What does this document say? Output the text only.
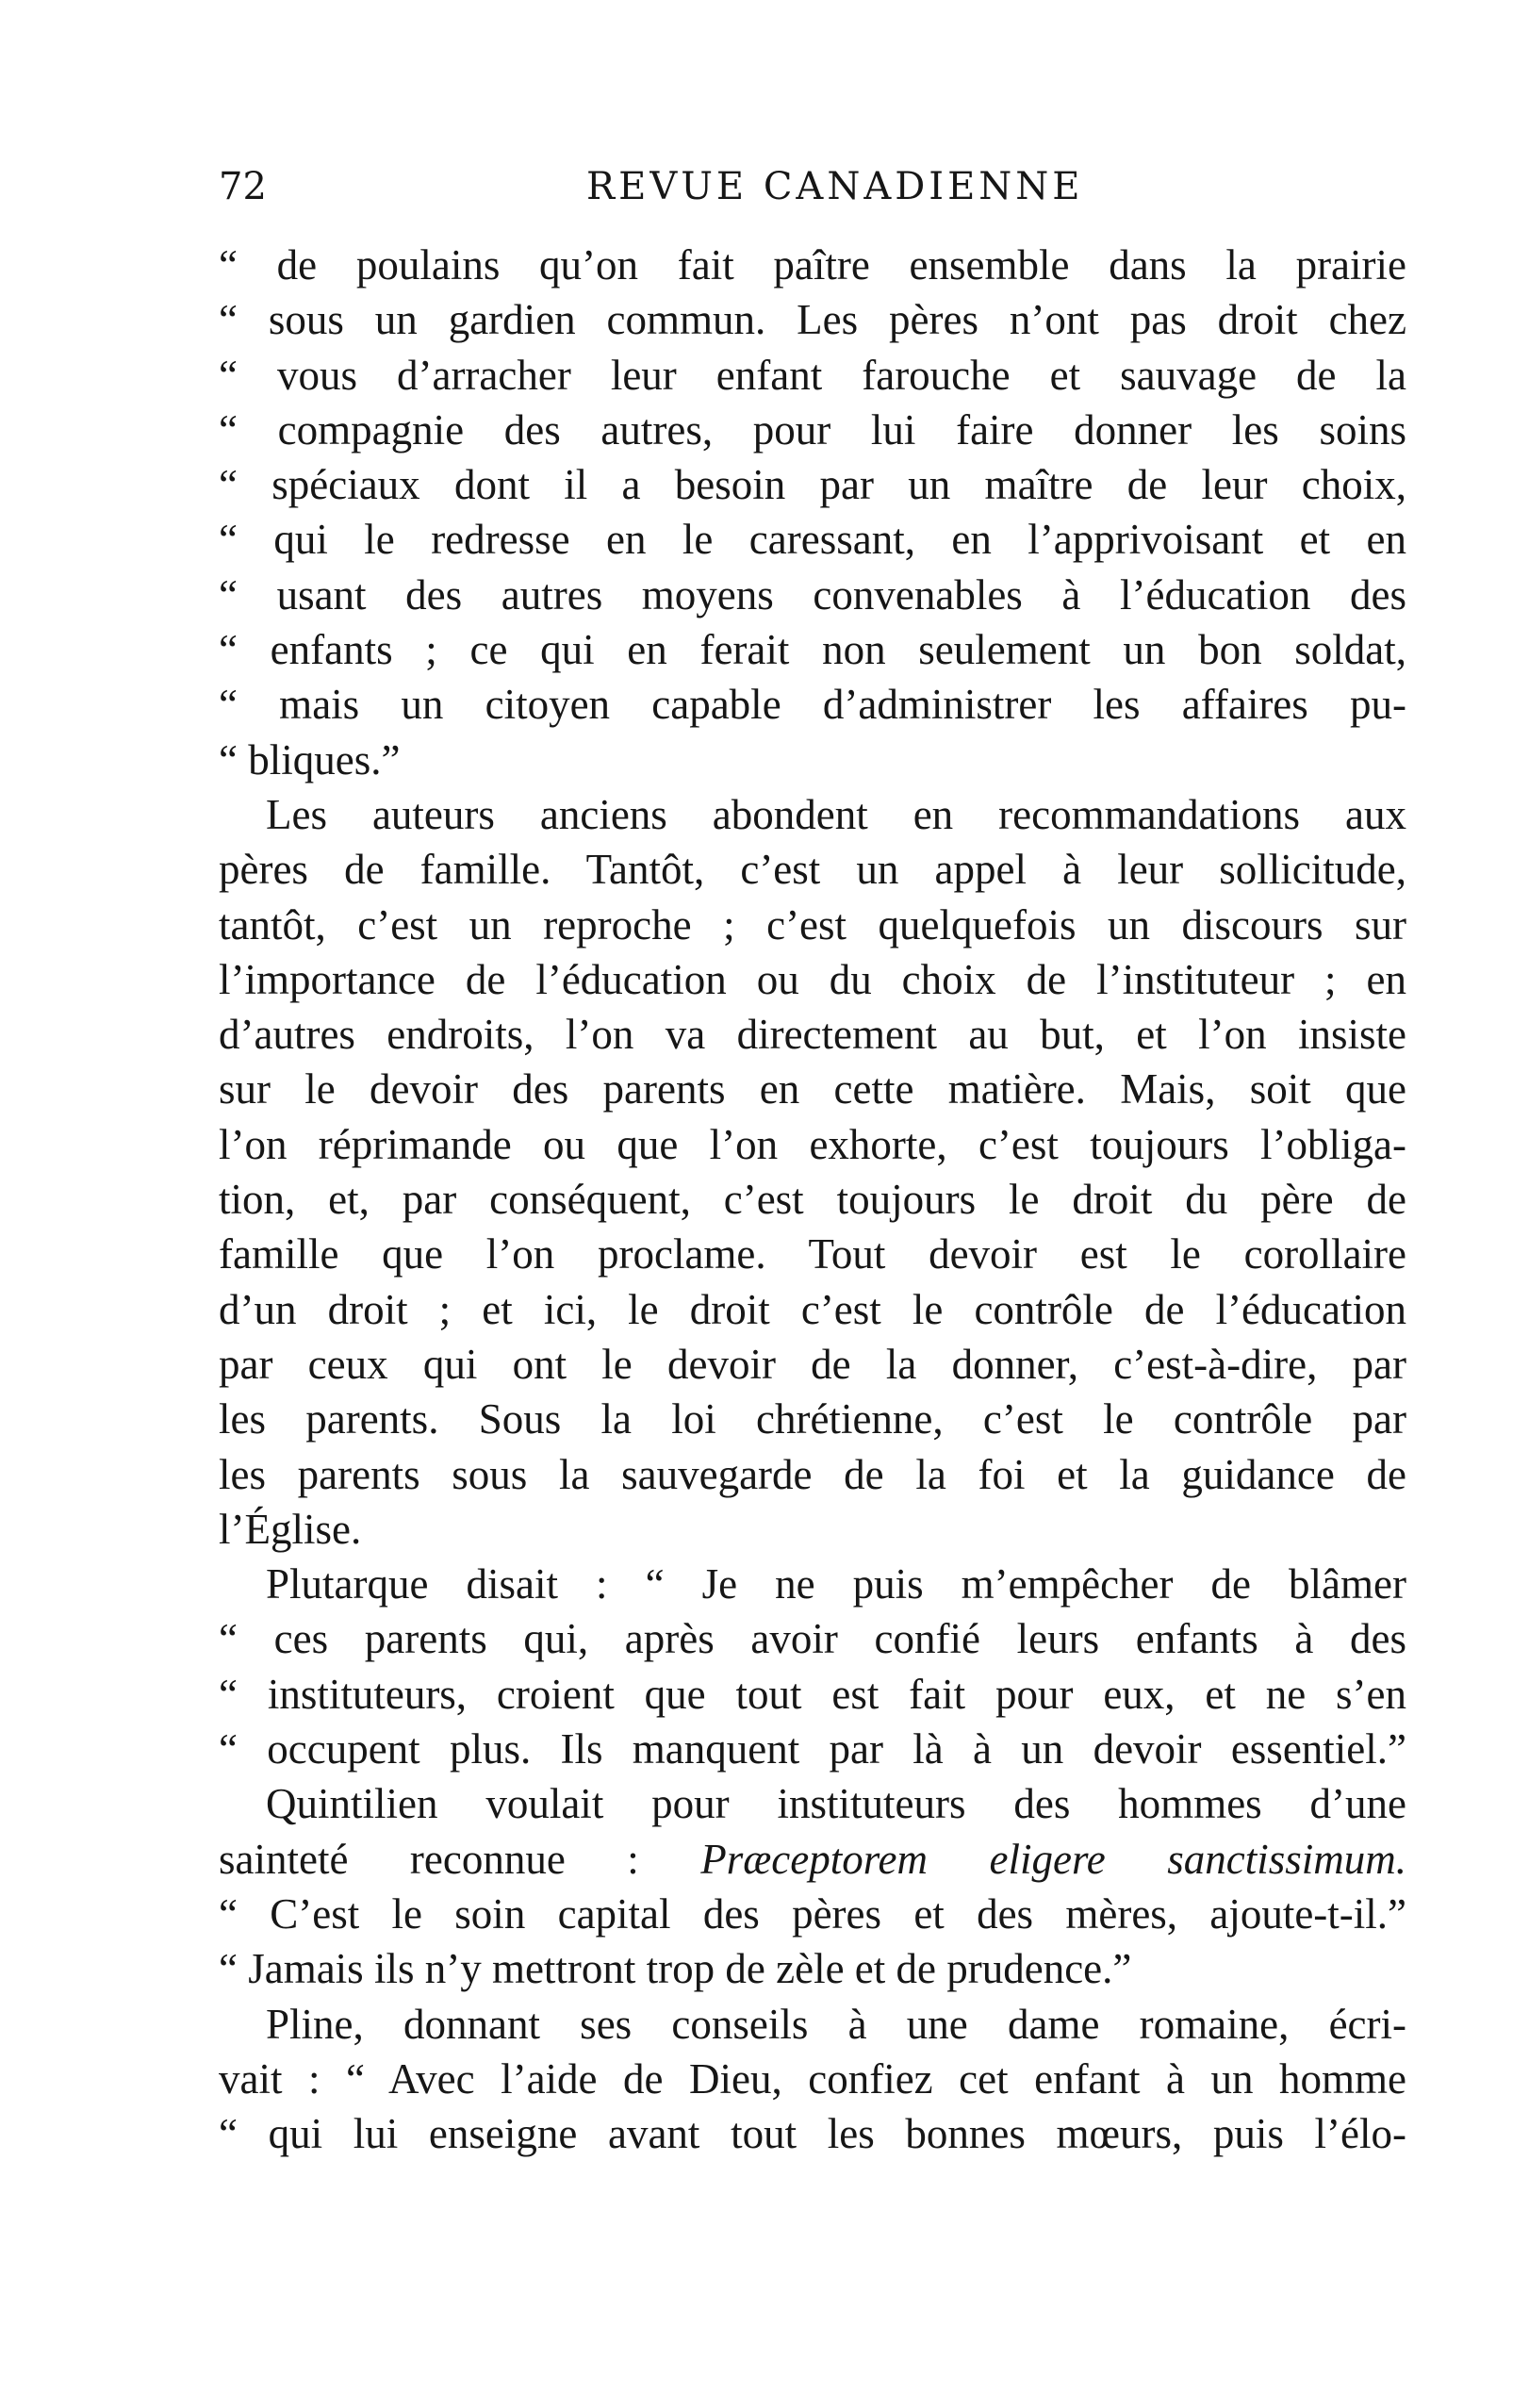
72	REVUE CANADIENNE
“ de poulains qu’on fait paître ensemble dans la prairie
“ sous un gardien commun. Les pères n’ont pas droit chez
“ vous d’arracher leur enfant farouche et sauvage de la
“ compagnie des autres, pour lui faire donner les soins
“ spéciaux dont il a besoin par un maître de leur choix,
“ qui le redresse en le caressant, en l’apprivoisant et en
“ usant des autres moyens convenables à l’éducation des
“ enfants ; ce qui en ferait non seulement un bon soldat,
“ mais un citoyen capable d’administrer les affaires pu-
“ bliques.”
Les auteurs anciens abondent en recommandations aux
pères de famille. Tantôt, c’est un appel à leur sollicitude,
tantôt, c’est un reproche ; c’est quelquefois un discours sur
l’importance de l’éducation ou du choix de l’instituteur ; en
d’autres endroits, l’on va directement au but, et l’on insiste
sur le devoir des parents en cette matière. Mais, soit que
l’on réprimande ou que l’on exhorte, c’est toujours l’obliga-
tion, et, par conséquent, c’est toujours le droit du père de
famille que l’on proclame. Tout devoir est le corollaire
d’un droit ; et ici, le droit c’est le contrôle de l’éducation
par ceux qui ont le devoir de la donner, c’est-à-dire, par
les parents. Sous la loi chrétienne, c’est le contrôle par
les parents sous la sauvegarde de la foi et la guidance de
l’Église.
Plutarque disait : “ Je ne puis m’empêcher de blâmer
“ ces parents qui, après avoir confié leurs enfants à des
“ instituteurs, croient que tout est fait pour eux, et ne s’en
“ occupent plus. Ils manquent par là à un devoir essentiel.”
Quintilien voulait pour instituteurs des hommes d’une
sainteté reconnue : Præceptorem eligere sanctissimum.
“ C’est le soin capital des pères et des mères, ajoute-t-il.”
“ Jamais ils n’y mettront trop de zèle et de prudence.”
Pline, donnant ses conseils à une dame romaine, écri-
vait : “ Avec l’aide de Dieu, confiez cet enfant à un homme
“ qui lui enseigne avant tout les bonnes mœurs, puis l’élo-
